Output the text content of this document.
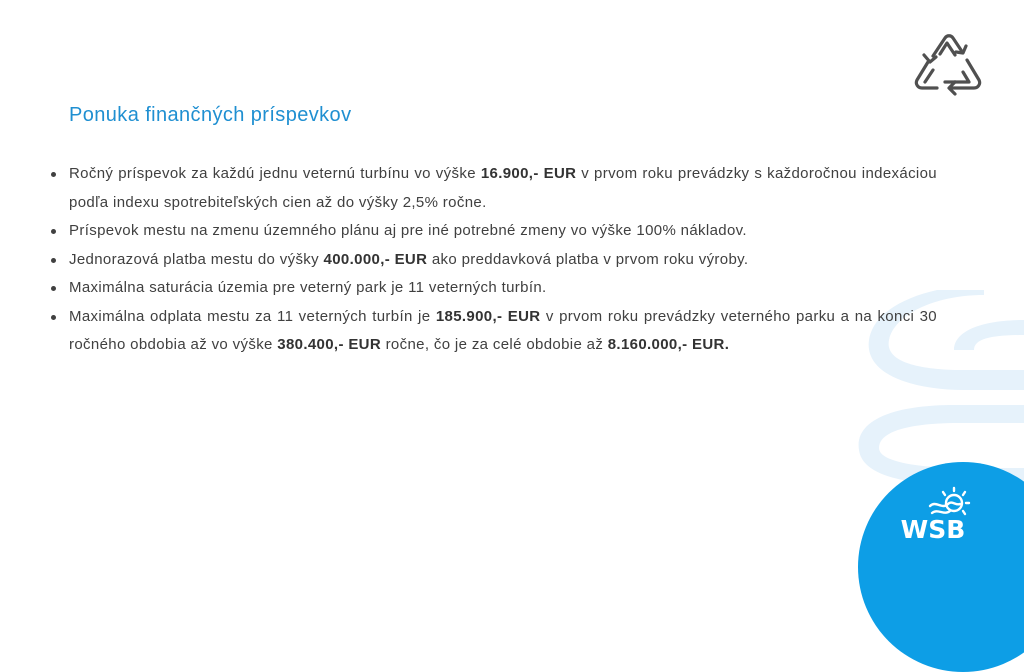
Ponuka finančných príspevkov
Ročný príspevok za každú jednu veternú turbínu vo výške 16.900,- EUR v prvom roku prevádzky s každoročnou indexáciou podľa indexu spotrebiteľských cien až do výšky 2,5% ročne.
Príspevok mestu na zmenu územného plánu aj pre iné potrebné zmeny vo výške 100% nákladov.
Jednorazová platba mestu do výšky 400.000,- EUR ako preddavková platba v prvom roku výroby.
Maximálna saturácia územia pre veterný park je 11 veterných turbín.
Maximálna odplata mestu za 11 veterných turbín je 185.900,- EUR v prvom roku prevádzky veterného parku a na konci 30 ročného obdobia až vo výške 380.400,- EUR ročne, čo je za celé obdobie až 8.160.000,- EUR.
WSB
